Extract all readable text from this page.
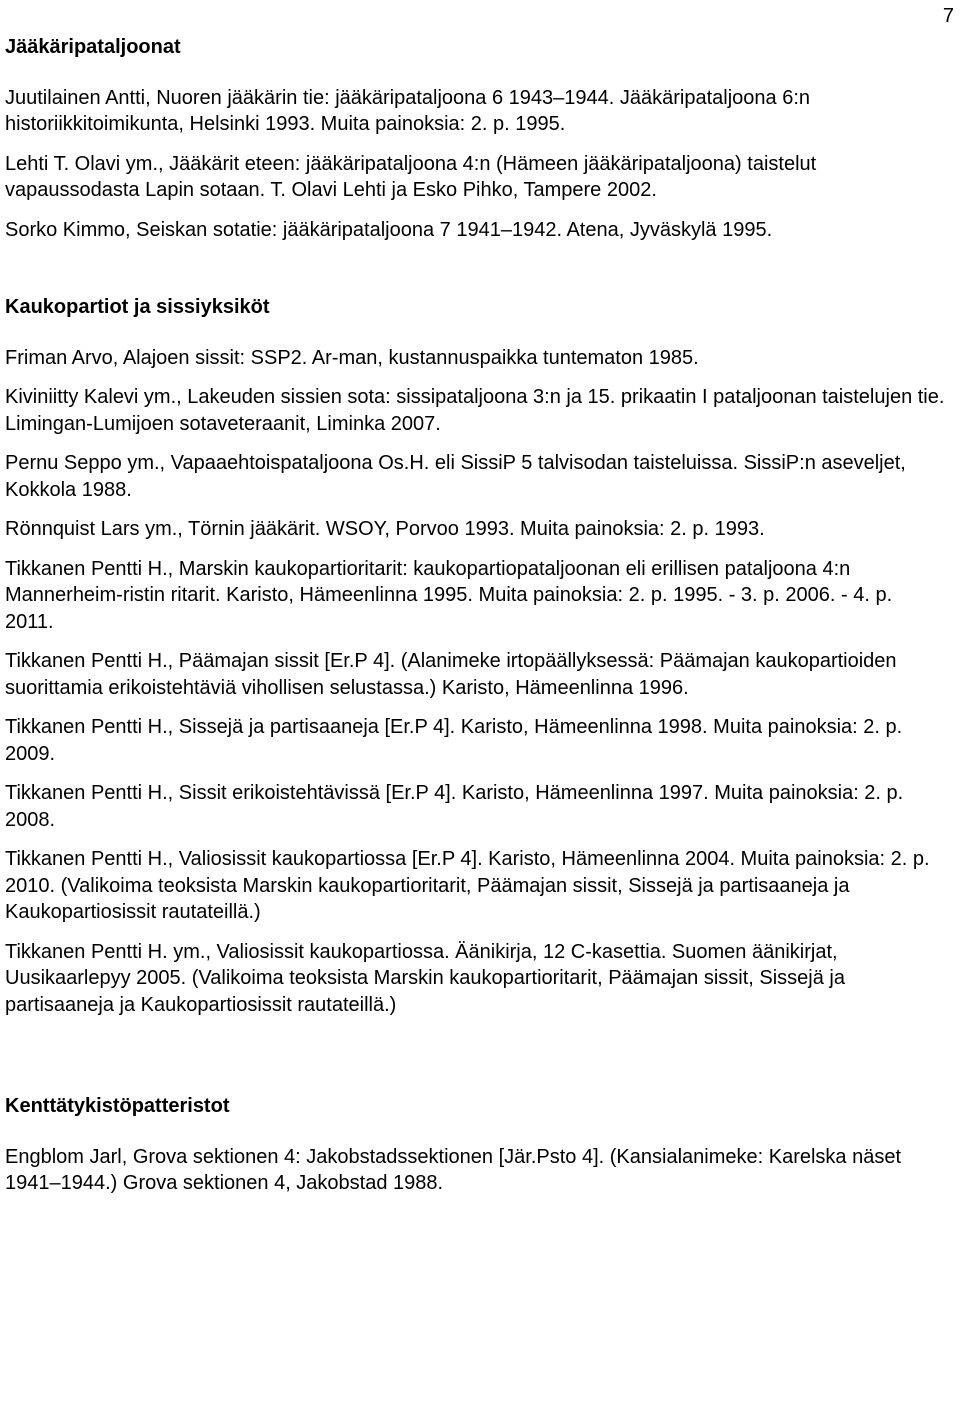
7
Jääkäripataljoonat

Juutilainen Antti, Nuoren jääkärin tie: jääkäripataljoona 6 1943–1944. Jääkäripataljoona 6:n historiikkitoimikunta, Helsinki 1993. Muita painoksia: 2. p. 1995.

Lehti T. Olavi ym., Jääkärit eteen: jääkäripataljoona 4:n (Hämeen jääkäripataljoona) taistelut vapaussodasta Lapin sotaan. T. Olavi Lehti ja Esko Pihko, Tampere 2002.

Sorko Kimmo, Seiskan sotatie: jääkäripataljoona 7 1941–1942. Atena, Jyväskylä 1995.

Kaukopartiot ja sissiyksiköt

Friman Arvo, Alajoen sissit: SSP2. Ar-man, kustannuspaikka tuntematon 1985.

Kiviniitty Kalevi ym., Lakeuden sissien sota: sissipataljoona 3:n ja 15. prikaatin I pataljoonan taistelujen tie. Limingan-Lumijoen sotaveteraanit, Liminka 2007.

Pernu Seppo ym., Vapaaehtoispataljoona Os.H. eli SissiP 5 talvisodan taisteluissa. SissiP:n aseveljet, Kokkola 1988.

Rönnquist Lars ym., Törnin jääkärit. WSOY, Porvoo 1993. Muita painoksia: 2. p. 1993.

Tikkanen Pentti H., Marskin kaukopartioritarit: kaukopartiopataljoonan eli erillisen pataljoona 4:n Mannerheim-ristin ritarit. Karisto, Hämeenlinna 1995. Muita painoksia: 2. p. 1995. - 3. p. 2006. - 4. p. 2011.

Tikkanen Pentti H., Päämajan sissit [Er.P 4]. (Alanimeke irtopäällyksessä: Päämajan kaukopartioiden suorittamia erikoistehtäviä vihollisen selustassa.) Karisto, Hämeenlinna 1996.

Tikkanen Pentti H., Sissejä ja partisaaneja [Er.P 4]. Karisto, Hämeenlinna 1998. Muita painoksia: 2. p. 2009.

Tikkanen Pentti H., Sissit erikoistehtävissä [Er.P 4]. Karisto, Hämeenlinna 1997. Muita painoksia: 2. p. 2008.

Tikkanen Pentti H., Valiosissit kaukopartiossa [Er.P 4]. Karisto, Hämeenlinna 2004. Muita painoksia: 2. p. 2010. (Valikoima teoksista Marskin kaukopartioritarit, Päämajan sissit, Sissejä ja partisaaneja ja Kaukopartiosissit rautateillä.)

Tikkanen Pentti H. ym., Valiosissit kaukopartiossa. Äänikirja, 12 C-kasettia. Suomen äänikirjat, Uusikaarlepyy 2005. (Valikoima teoksista Marskin kaukopartioritarit, Päämajan sissit, Sissejä ja partisaaneja ja Kaukopartiosissit rautateillä.)

Kenttätykistöpatteristot

Engblom Jarl, Grova sektionen 4: Jakobstadssektionen [Jär.Psto 4]. (Kansialanimeke: Karelska näset 1941–1944.) Grova sektionen 4, Jakobstad 1988.
